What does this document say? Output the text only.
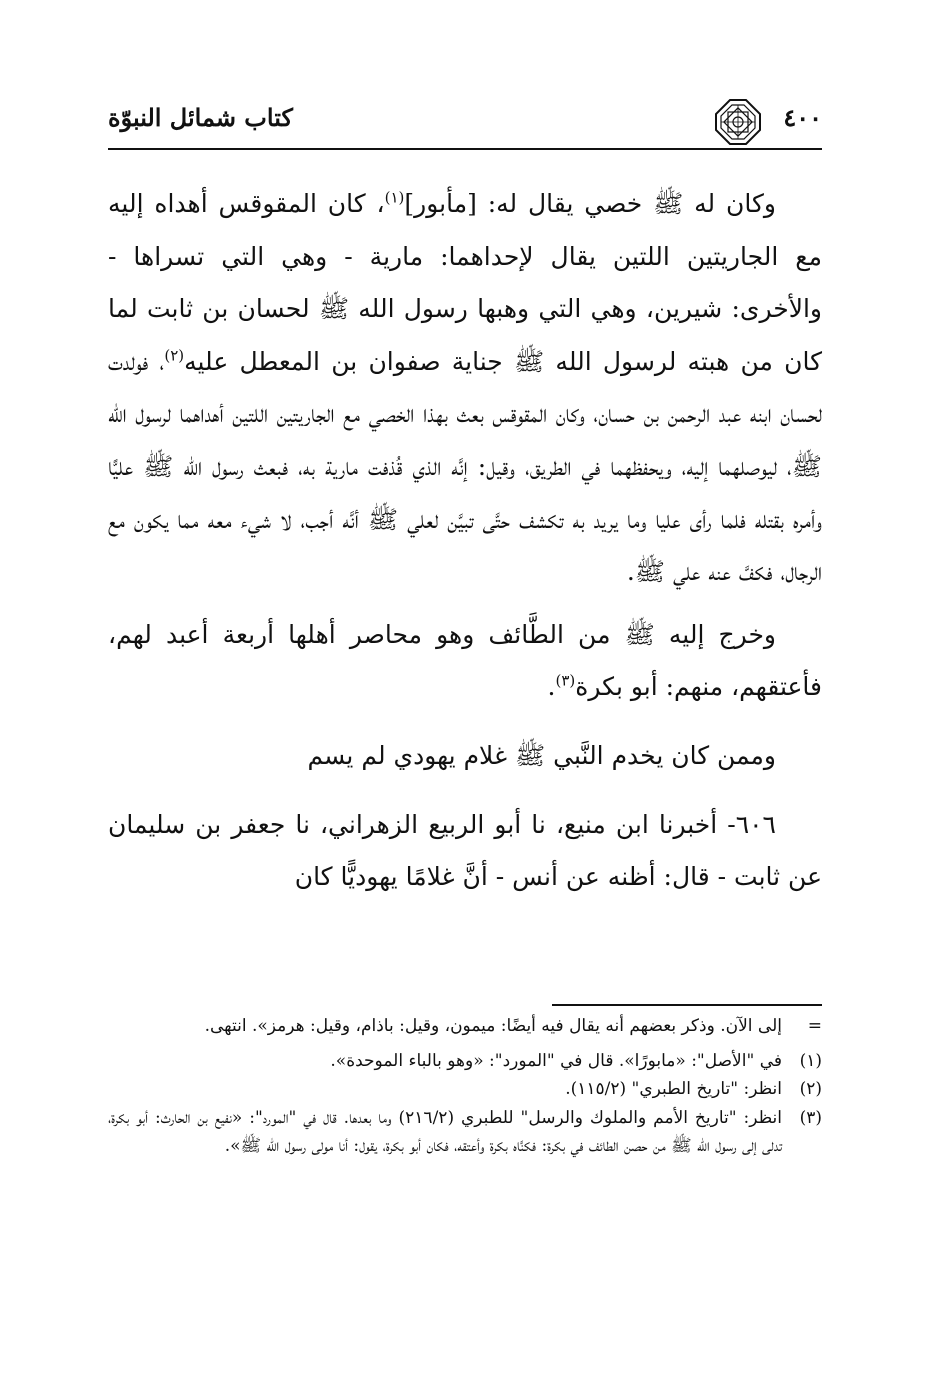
٤٠٠
كتاب شمائل النبوّة

وكان له ﷺ خصي يقال له: [مأبور]$^{(١)}$، كان المقوقس أهداه إليه مع الجاريتين اللتين يقال لإحداهما: مارية - وهي التي تسراها - والأخرى: شيرين، وهي التي وهبها رسول الله ﷺ لحسان بن ثابت لما كان من هبته لرسول الله ﷺ جناية صفوان بن المعطل عليه$^{(٢)}$، فولدت لحسان ابنه عبد الرحمن بن حسان، وكان المقوقس بعث بهذا الخصي مع الجاريتين اللتين أهداهما لرسول الله ﷺ، ليوصلهما إليه، ويحفظهما في الطريق، وقيل: إنَّه الذي قُذفت مارية به، فبعث رسول الله ﷺ عليًّا وأمره بقتله فلما رأى عليا وما يريد به تكشف حتَّى تبيَّن لعلي ﷺ أنَّه أجب، لا شيء معه مما يكون مع الرجال، فكفَّ عنه علي ﷺ.

وخرج إليه ﷺ من الطَّائف وهو محاصر أهلها أربعة أعبد لهم، فأعتقهم، منهم: أبو بكرة$^{(٣)}$.

وممن كان يخدم النَّبي ﷺ غلام يهودي لم يسم

٦٠٦- أخبرنا ابن منيع، نا أبو الربيع الزهراني، نا جعفر بن سليمان عن ثابت - قال: أظنه عن أنس - أنَّ غلامًا يهوديًّا كان

=
إلى الآن. وذكر بعضهم أنه يقال فيه أيضًا: ميمون، وقيل: باذام، وقيل: هرمز». انتهى.

(١)
في "الأصل": «مابورًا». قال في "المورد": «وهو بالباء الموحدة».

(٢)
انظر: "تاريخ الطبري" (١١٥/٢).

(٣)
انظر: "تاريخ الأمم والملوك والرسل" للطبري (٢١٦/٢) وما بعدها. قال في "المورد": «نفيع بن الحارث: أبو بكرة، تدلى إلى رسول الله ﷺ من حصن الطائف في بكرة: فكنَّاه بكرة وأعتقه، فكان أبو بكرة، يقول: أنا مولى رسول الله ﷺ».
